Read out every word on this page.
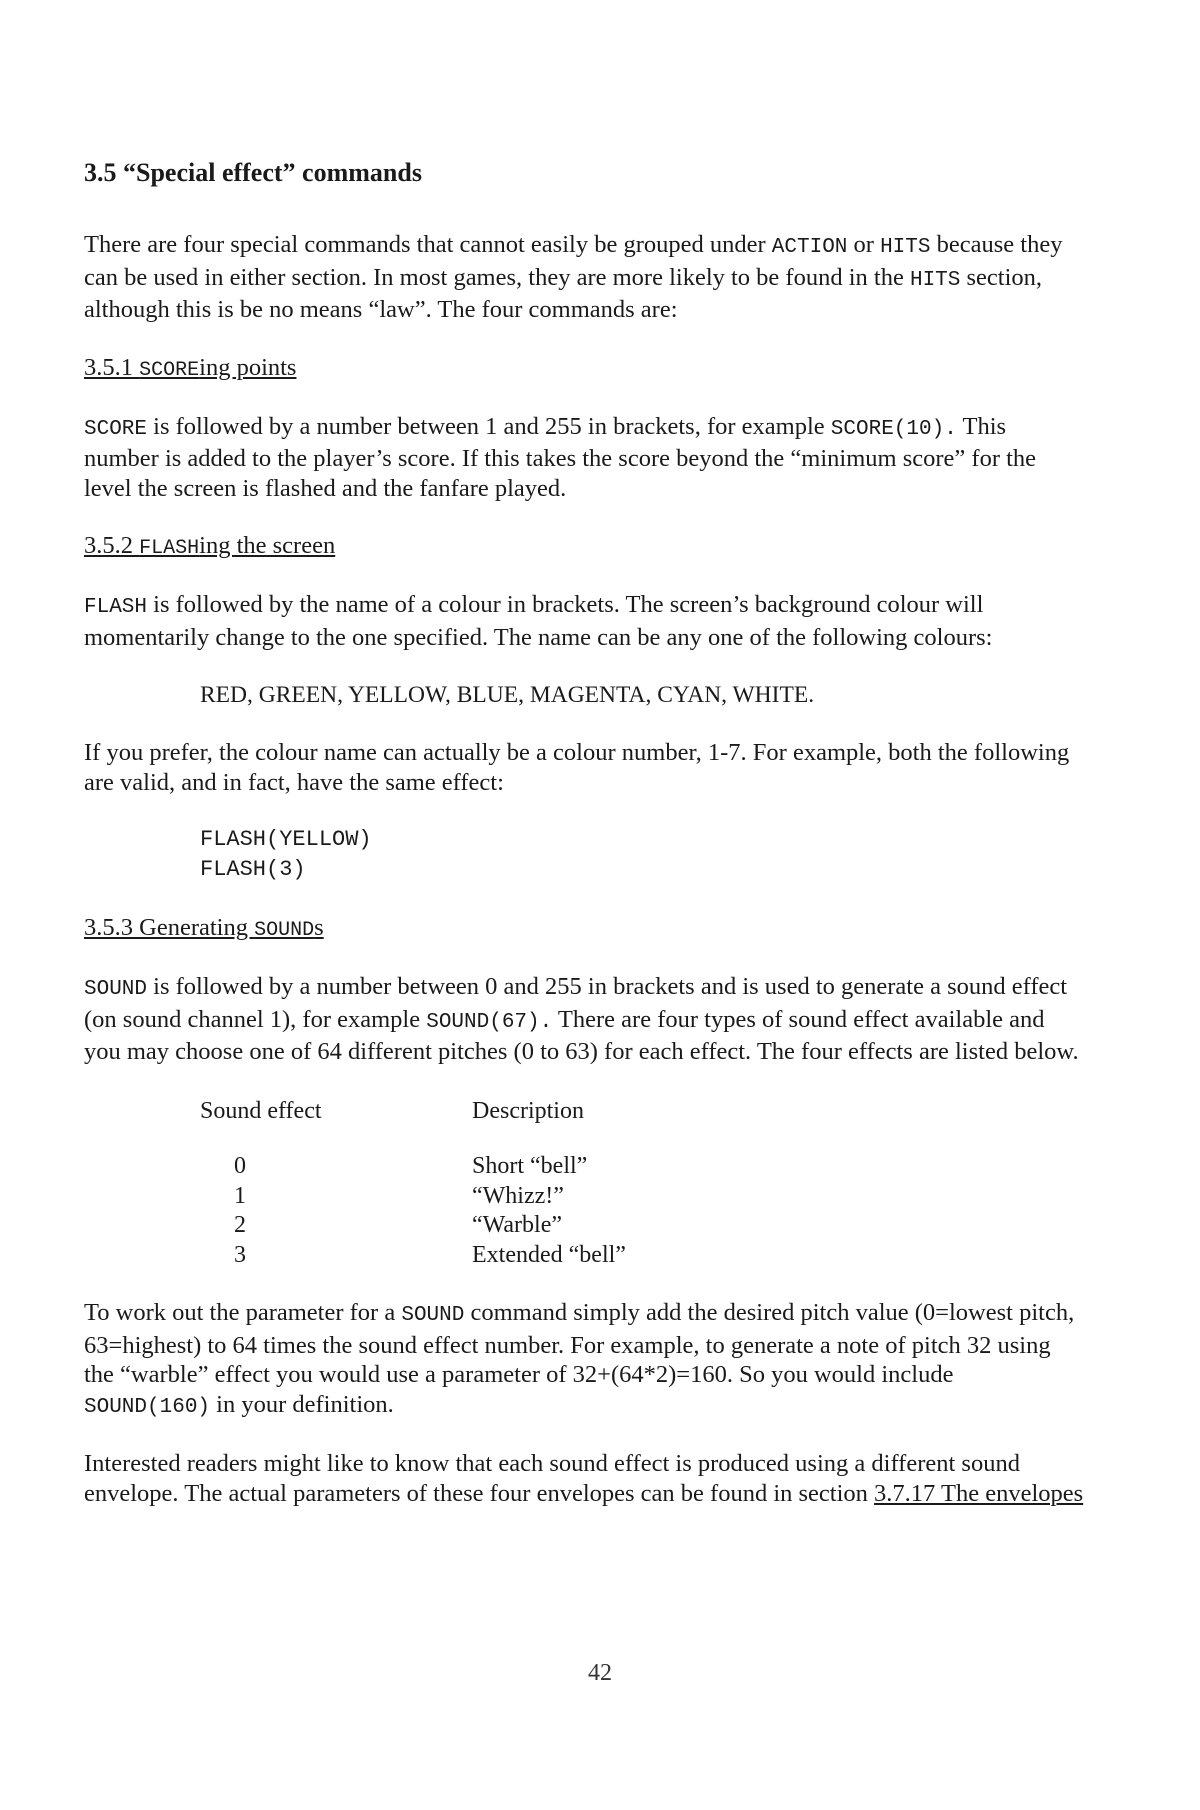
3.5 “Special effect” commands

There are four special commands that cannot easily be grouped under ACTION or HITS because they can be used in either section. In most games, they are more likely to be found in the HITS section, although this is be no means “law”. The four commands are:

3.5.1 SCOREing points

SCORE is followed by a number between 1 and 255 in brackets, for example SCORE(10). This number is added to the player’s score. If this takes the score beyond the “minimum score” for the level the screen is flashed and the fanfare played.

3.5.2 FLASHing the screen

FLASH is followed by the name of a colour in brackets. The screen’s background colour will momentarily change to the one specified. The name can be any one of the following colours:

RED, GREEN, YELLOW, BLUE, MAGENTA, CYAN, WHITE.

If you prefer, the colour name can actually be a colour number, 1-7. For example, both the following are valid, and in fact, have the same effect:

FLASH(YELLOW)
FLASH(3)
3.5.3 Generating SOUNDs

SOUND is followed by a number between 0 and 255 in brackets and is used to generate a sound effect (on sound channel 1), for example SOUND(67). There are four types of sound effect available and you may choose one of 64 different pitches (0 to 63) for each effect. The four effects are listed below.

Sound effect	Description
0	Short “bell”
1	“Whizz!”
2	“Warble”
3	Extended “bell”

To work out the parameter for a SOUND command simply add the desired pitch value (0=lowest pitch, 63=highest) to 64 times the sound effect number. For example, to generate a note of pitch 32 using the “warble” effect you would use a parameter of 32+(64*2)=160. So you would include SOUND(160) in your definition.

Interested readers might like to know that each sound effect is produced using a different sound envelope. The actual parameters of these four envelopes can be found in section 3.7.17 The envelopes

42
